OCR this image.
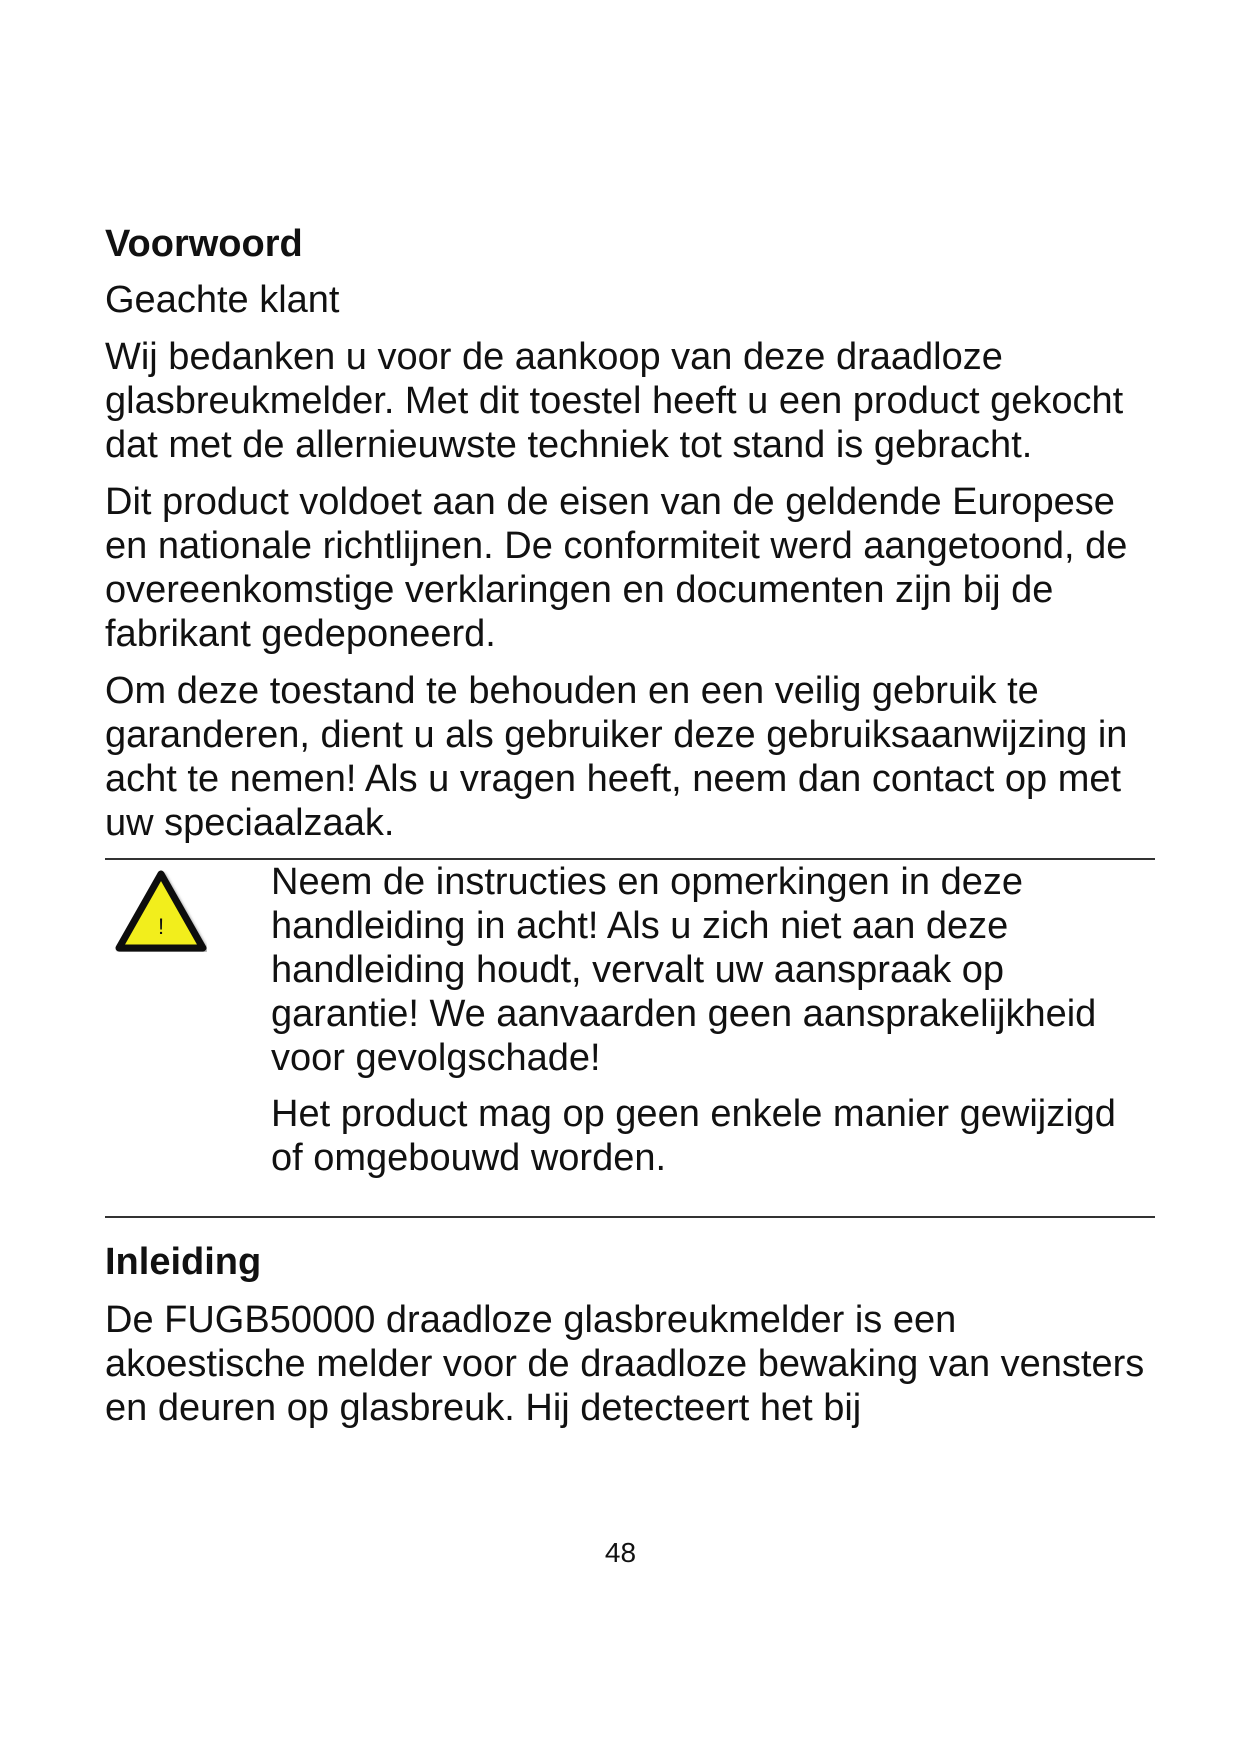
Voorwoord

Geachte klant

Wij bedanken u voor de aankoop van deze draadloze glasbreukmelder. Met dit toestel heeft u een product gekocht dat met de allernieuwste techniek tot stand is gebracht.

Dit product voldoet aan de eisen van de geldende Europese en nationale richtlijnen. De conformiteit werd aangetoond, de overeenkomstige verklaringen en documenten zijn bij de fabrikant gedeponeerd.

Om deze toestand te behouden en een veilig gebruik te garanderen, dient u als gebruiker deze gebruiksaanwijzing in acht te nemen! Als u vragen heeft, neem dan contact op met uw speciaalzaak.

!

Neem de instructies en opmerkingen in deze handleiding in acht! Als u zich niet aan deze handleiding houdt, vervalt uw aanspraak op garantie! We aanvaarden geen aansprakelijkheid voor gevolgschade!

Het product mag op geen enkele manier gewijzigd of omgebouwd worden.

Inleiding

De FUGB50000 draadloze glasbreukmelder is een akoestische melder voor de draadloze bewaking van vensters en deuren op glasbreuk. Hij detecteert het bij

48
